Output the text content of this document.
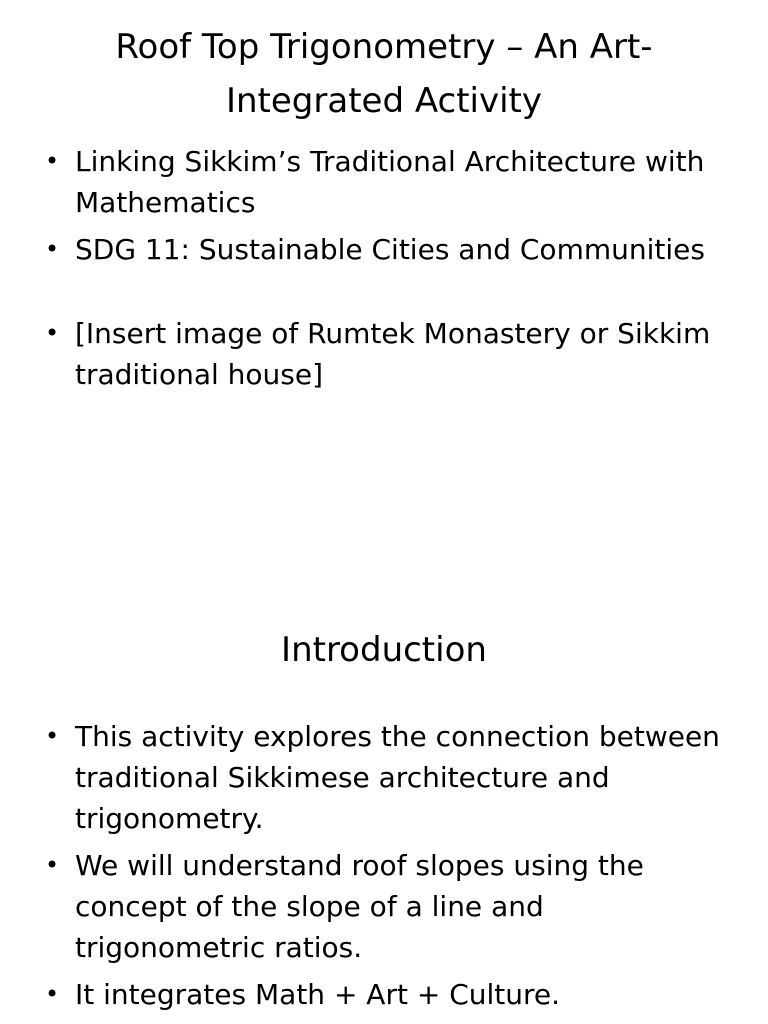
Roof Top Trigonometry – An Art-
Integrated Activity
• Linking Sikkim’s Traditional Architecture with Mathematics
• SDG 11: Sustainable Cities and Communities
• [Insert image of Rumtek Monastery or Sikkim traditional house]
Introduction
• This activity explores the connection between traditional Sikkimese architecture and trigonometry.
• We will understand roof slopes using the concept of the slope of a line and trigonometric ratios.
• It integrates Math + Art + Culture.
